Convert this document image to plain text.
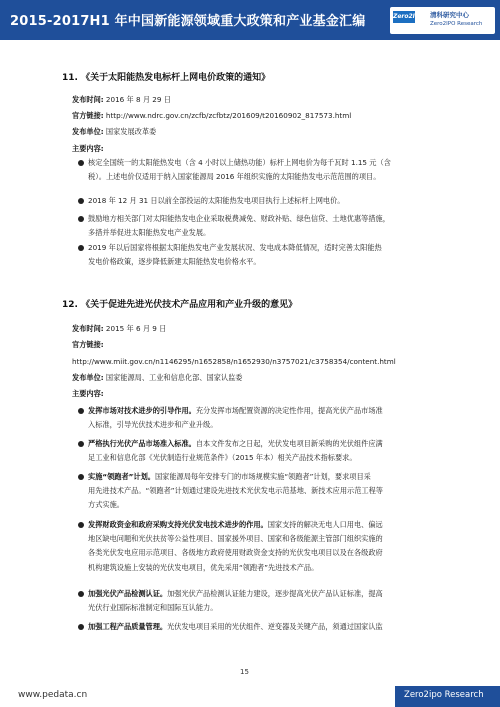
2015-2017H1 年中国新能源领域重大政策和产业基金汇编	Zero2IPO 清科研究中心
Zero2IPO Research
11. 《关于太阳能热发电标杆上网电价政策的通知》
发布时间: 2016 年 8 月 29 日
官方链接: http://www.ndrc.gov.cn/zcfb/zcfbtz/201609/t20160902_817573.html
发布单位: 国家发展改革委
主要内容:
核定全国统一的太阳能热发电（含 4 小时以上储热功能）标杆上网电价为每千瓦时 1.15 元（含
税）。上述电价仅适用于纳入国家能源局 2016 年组织实施的太阳能热发电示范范围的项目。
2018 年 12 月 31 日以前全部投运的太阳能热发电项目执行上述标杆上网电价。
鼓励地方相关部门对太阳能热发电企业采取税费减免、财政补贴、绿色信贷、土地优惠等措施，
多措并举促进太阳能热发电产业发展。
2019 年以后国家将根据太阳能热发电产业发展状况、发电成本降低情况，适时完善太阳能热
发电价格政策，逐步降低新建太阳能热发电价格水平。
12. 《关于促进先进光伏技术产品应用和产业升级的意见》
发布时间: 2015 年 6 月 9 日
官方链接:
http://www.miit.gov.cn/n1146295/n1652858/n1652930/n3757021/c3758354/content.html
发布单位: 国家能源局、工业和信息化部、国家认监委
主要内容:
发挥市场对技术进步的引导作用。充分发挥市场配置资源的决定性作用，提高光伏产品市场准
入标准，引导光伏技术进步和产业升级。
严格执行光伏产品市场准入标准。自本文件发布之日起，光伏发电项目新采购的光伏组件应满
足工业和信息化部《光伏制造行业规范条件》（2015 年本）相关产品技术指标要求。
实施“领跑者”计划。国家能源局每年安排专门的市场规模实施“领跑者”计划，要求项目采
用先进技术产品。“领跑者”计划通过建设先进技术光伏发电示范基地、新技术应用示范工程等
方式实施。
发挥财政资金和政府采购支持光伏发电技术进步的作用。国家支持的解决无电人口用电、偏远
地区缺电问题和光伏扶贫等公益性项目、国家援外项目、国家和各级能源主管部门组织实施的
各类光伏发电应用示范项目、各级地方政府使用财政资金支持的光伏发电项目以及在各级政府
机构建筑设施上安装的光伏发电项目，优先采用“领跑者”先进技术产品。
加强光伏产品检测认证。加强光伏产品检测认证能力建设，逐步提高光伏产品认证标准，提高
光伏行业国际标准制定和国际互认能力。
加强工程产品质量管理。光伏发电项目采用的光伏组件、逆变器及关键产品，须通过国家认监
15
www.pedata.cn	Zero2ipo Research
